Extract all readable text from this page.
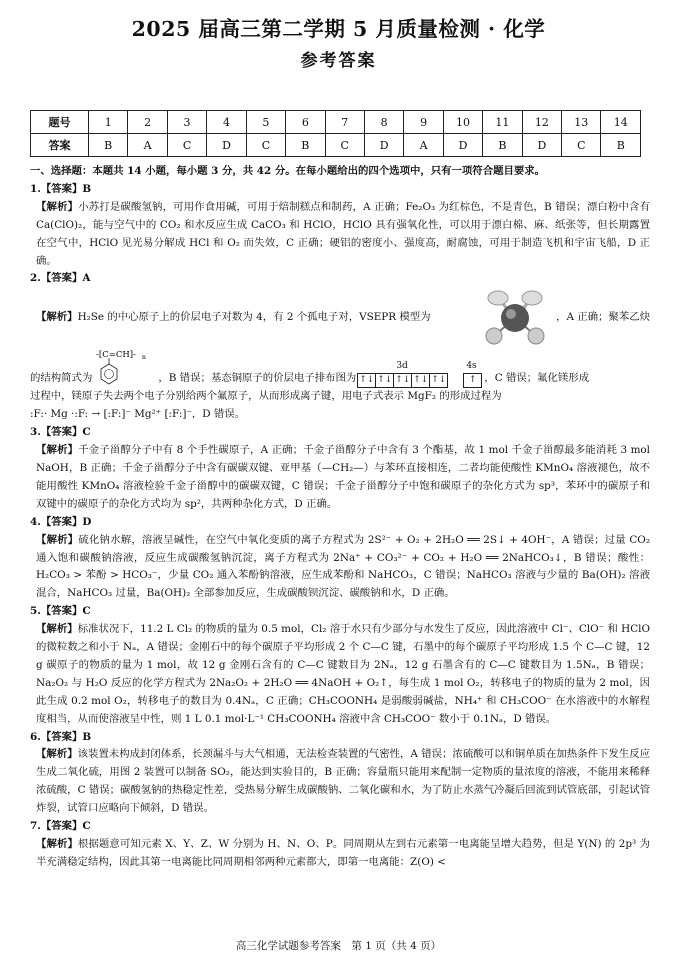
2025 届高三第二学期 5 月质量检测 · 化学
参考答案
题号	1	2	3	4	5	6	7	8	9	10	11	12	13	14
答案	B	A	C	D	C	B	C	D	A	D	B	D	C	B

一、选择题：本题共 14 小题，每小题 3 分，共 42 分。在每小题给出的四个选项中，只有一项符合题目要求。

1.【答案】B

【解析】小苏打是碳酸氢钠，可用作食用碱，可用于焙制糕点和制药，A 正确；Fe₂O₃ 为红棕色，不是青色，B 错误；漂白粉中含有 Ca(ClO)₂，能与空气中的 CO₂ 和水反应生成 CaCO₃ 和 HClO，HClO 具有强氧化性，可以用于漂白棉、麻、纸张等，但长期露置在空气中，HClO 见光易分解成 HCl 和 O₂ 而失效，C 正确；硬铝的密度小、强度高，耐腐蚀，可用于制造飞机和宇宙飞船，D 正确。

2.【答案】A

【解析】H₂Se 的中心原子上的价层电子对数为 4，有 2 个孤电子对，VSEPR 模型为	，A 正确；聚苯乙炔
的结构简式为
-[C=CH]- n
，B 错误；基态铜原子的价层电子排布图为
3d
↑↓ ↑↓ ↑↓ ↑↓ ↑↓
4s
↑ ，C 错误；氟化镁形成

过程中，镁原子失去两个电子分别给两个氟原子，从而形成离子键，用电子式表示 MgF₂ 的形成过程为

:F:· Mg ·:F: → [:F:]⁻ Mg²⁺ [:F:]⁻，D 错误。

3.【答案】C

【解析】千金子甾醇分子中有 8 个手性碳原子，A 正确；千金子甾醇分子中含有 3 个酯基，故 1 mol 千金子甾醇最多能消耗 3 mol NaOH，B 正确；千金子甾醇分子中含有碳碳双键、亚甲基（—CH₂—）与苯环直接相连，二者均能使酸性 KMnO₄ 溶液褪色，故不能用酸性 KMnO₄ 溶液检验千金子甾醇中的碳碳双键，C 错误；千金子甾醇分子中饱和碳原子的杂化方式为 sp³，苯环中的碳原子和双键中的碳原子的杂化方式均为 sp²，共两种杂化方式，D 正确。

4.【答案】D

【解析】硫化钠水解，溶液呈碱性，在空气中氧化变质的离子方程式为 2S²⁻ + O₂ + 2H₂O ══ 2S↓ + 4OH⁻，A 错误；过量 CO₂ 通入饱和碳酸钠溶液，反应生成碳酸氢钠沉淀，离子方程式为 2Na⁺ + CO₃²⁻ + CO₂ + H₂O ══ 2NaHCO₃↓，B 错误；酸性：H₂CO₃ > 苯酚 > HCO₃⁻，少量 CO₂ 通入苯酚钠溶液，应生成苯酚和 NaHCO₃，C 错误；NaHCO₃ 溶液与少量的 Ba(OH)₂ 溶液混合，NaHCO₃ 过量，Ba(OH)₂ 全部参加反应，生成碳酸钡沉淀、碳酸钠和水，D 正确。

5.【答案】C

【解析】标准状况下，11.2 L Cl₂ 的物质的量为 0.5 mol，Cl₂ 溶于水只有少部分与水发生了反应，因此溶液中 Cl⁻、ClO⁻ 和 HClO 的微粒数之和小于 Nₐ，A 错误；金刚石中的每个碳原子平均形成 2 个 C—C 键，石墨中的每个碳原子平均形成 1.5 个 C—C 键，12 g 碳原子的物质的量为 1 mol，故 12 g 金刚石含有的 C—C 键数目为 2Nₐ，12 g 石墨含有的 C—C 键数目为 1.5Nₐ，B 错误；Na₂O₂ 与 H₂O 反应的化学方程式为 2Na₂O₂ + 2H₂O ══ 4NaOH + O₂↑，每生成 1 mol O₂，转移电子的物质的量为 2 mol，因此生成 0.2 mol O₂，转移电子的数目为 0.4Nₐ，C 正确；CH₃COONH₄ 是弱酸弱碱盐，NH₄⁺ 和 CH₃COO⁻ 在水溶液中的水解程度相当，从而使溶液呈中性，则 1 L 0.1 mol·L⁻¹ CH₃COONH₄ 溶液中含 CH₃COO⁻ 数小于 0.1Nₐ，D 错误。

6.【答案】B

【解析】该装置未构成封闭体系，长颈漏斗与大气相通，无法检查装置的气密性，A 错误；浓硫酸可以和铜单质在加热条件下发生反应生成二氧化硫，用图 2 装置可以制备 SO₂，能达到实验目的，B 正确；容量瓶只能用来配制一定物质的量浓度的溶液，不能用来稀释浓硫酸，C 错误；碳酸氢钠的热稳定性差，受热易分解生成碳酸钠、二氧化碳和水，为了防止水蒸气冷凝后回流到试管底部，引起试管炸裂，试管口应略向下倾斜，D 错误。

7.【答案】C

【解析】根据题意可知元素 X、Y、Z、W 分别为 H、N、O、P。同周期从左到右元素第一电离能呈增大趋势，但是 Y(N) 的 2p³ 为半充满稳定结构，因此其第一电离能比同周期相邻两种元素都大，即第一电离能：Z(O) <

高三化学试题参考答案　第 1 页（共 4 页）
